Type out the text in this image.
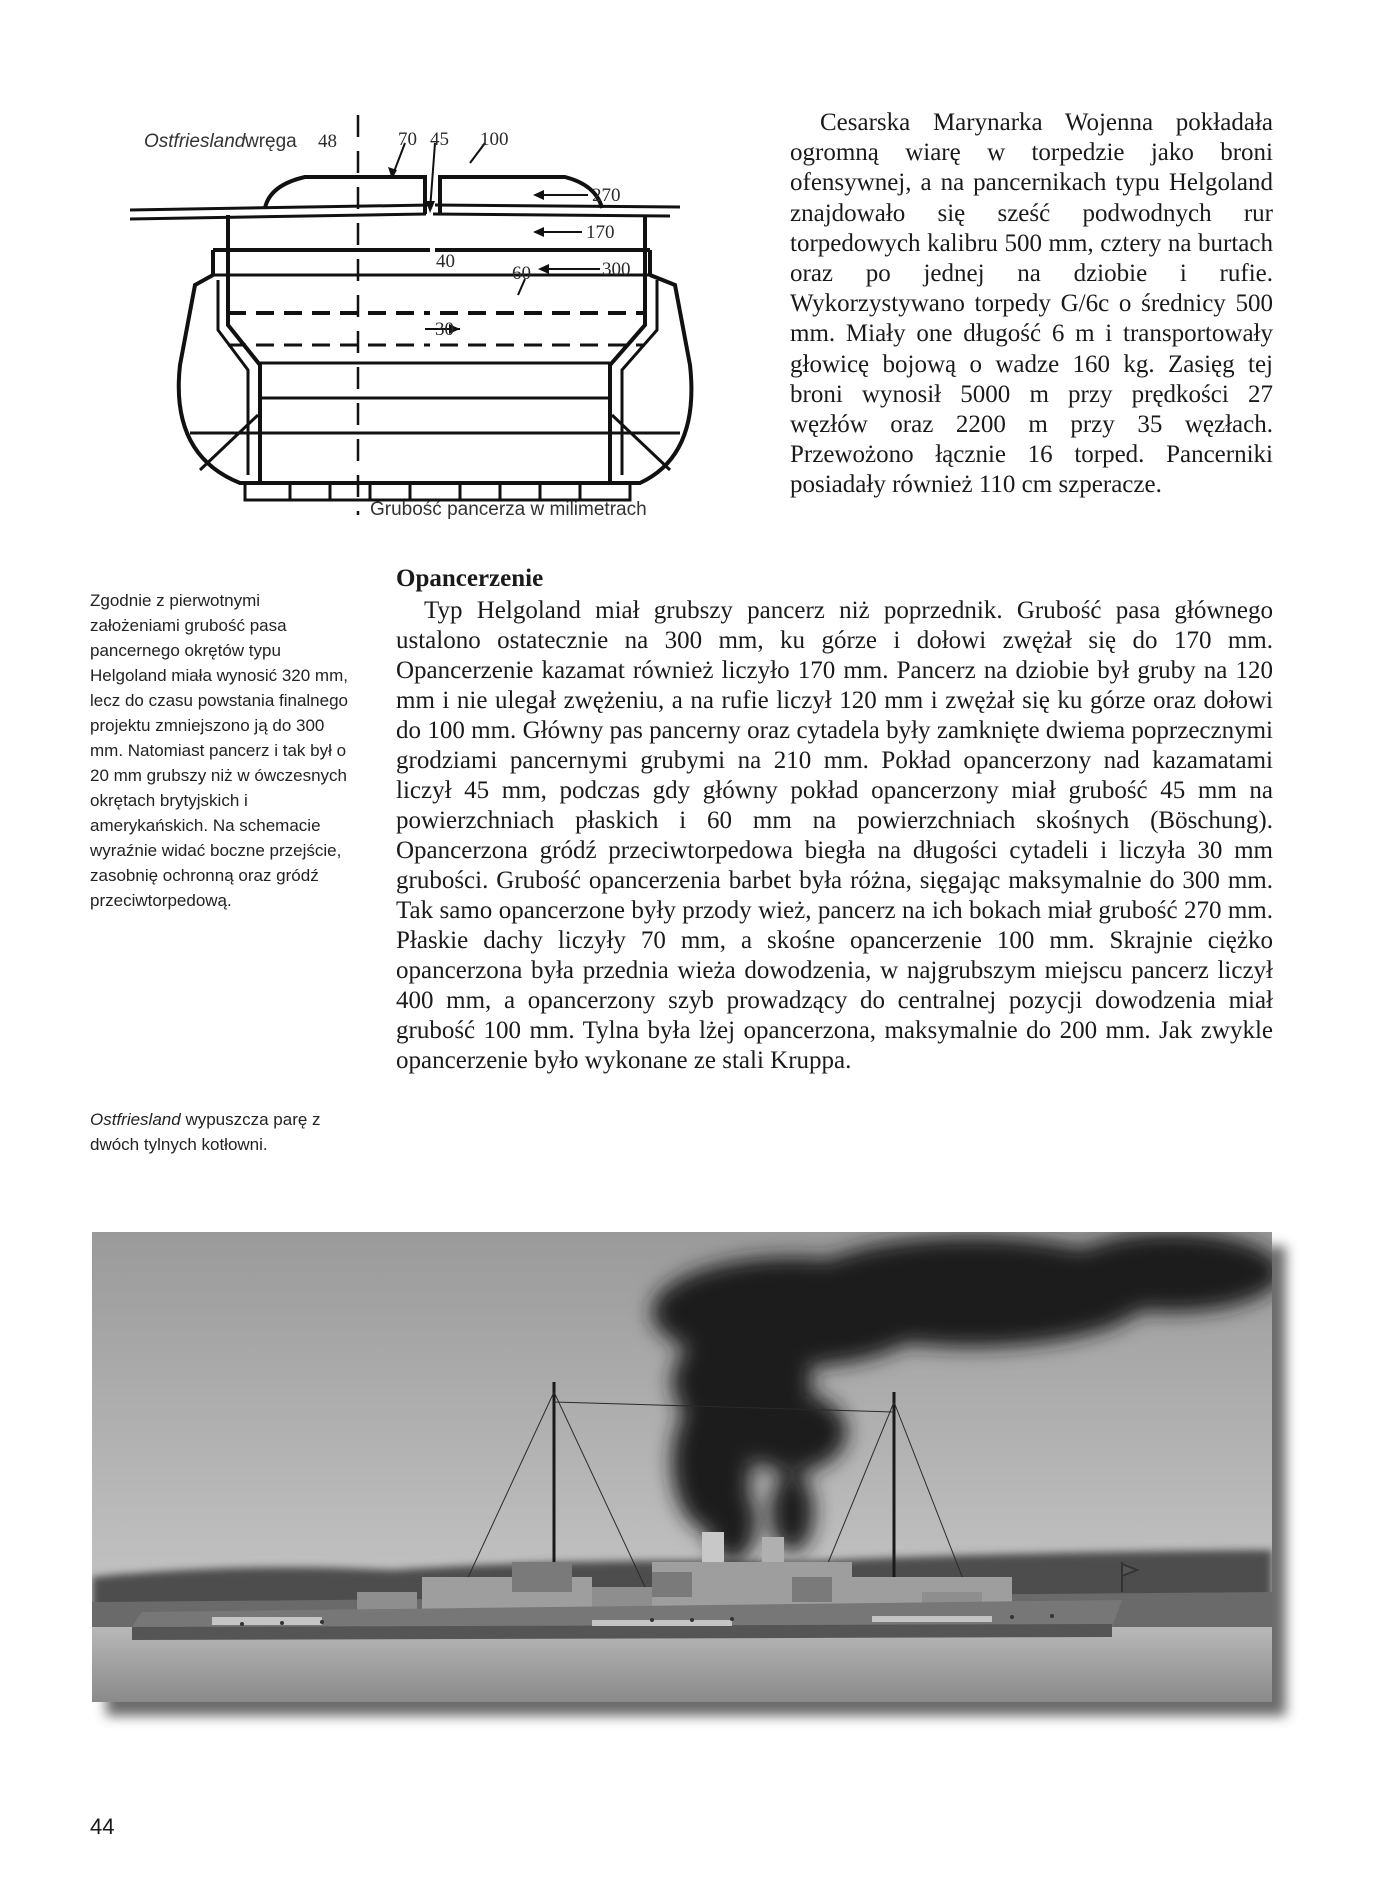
Ostfriesland wręga 48	70 45 100
270
170
300
40
60
30
Grubość pancerza w milimetrach

Cesarska Marynarka Wojenna pokładała ogromną wiarę w torpedzie jako broni ofensywnej, a na pancernikach typu Helgoland znajdowało się sześć podwodnych rur torpedowych kalibru 500 mm, cztery na burtach oraz po jednej na dziobie i rufie. Wykorzystywano torpedy G/6c o średnicy 500 mm. Miały one długość 6 m i transportowały głowicę bojową o wadze 160 kg. Zasięg tej broni wynosił 5000 m przy prędkości 27 węzłów oraz 2200 m przy 35 węzłach. Przewożono łącznie 16 torped. Pancerniki posiadały również 110 cm szperacze.

Opancerzenie

Typ Helgoland miał grubszy pancerz niż poprzednik. Grubość pasa głównego ustalono ostatecznie na 300 mm, ku górze i dołowi zwężał się do 170 mm. Opancerzenie kazamat również liczyło 170 mm. Pancerz na dziobie był gruby na 120 mm i nie ulegał zwężeniu, a na rufie liczył 120 mm i zwężał się ku górze oraz dołowi do 100 mm. Główny pas pancerny oraz cytadela były zamknięte dwiema poprzecznymi grodziami pancernymi grubymi na 210 mm. Pokład opancerzony nad kazamatami liczył 45 mm, podczas gdy główny pokład opancerzony miał grubość 45 mm na powierzchniach płaskich i 60 mm na powierzchniach skośnych (Böschung). Opancerzona gródź przeciwtorpedowa biegła na długości cytadeli i liczyła 30 mm grubości. Grubość opancerzenia barbet była różna, sięgając maksymalnie do 300 mm. Tak samo opancerzone były przody wież, pancerz na ich bokach miał grubość 270 mm. Płaskie dachy liczyły 70 mm, a skośne opancerzenie 100 mm. Skrajnie ciężko opancerzona była przednia wieża dowodzenia, w najgrubszym miejscu pancerz liczył 400 mm, a opancerzony szyb prowadzący do centralnej pozycji dowodzenia miał grubość 100 mm. Tylna była lżej opancerzona, maksymalnie do 200 mm. Jak zwykle opancerzenie było wykonane ze stali Kruppa.

Zgodnie z pierwotnymi założeniami grubość pasa pancernego okrętów typu Helgoland miała wynosić 320 mm, lecz do czasu powstania finalnego projektu zmniejszono ją do 300 mm. Natomiast pancerz i tak był o 20 mm grubszy niż w ówczesnych okrętach brytyjskich i amerykańskich. Na schemacie wyraźnie widać boczne przejście, zasobnię ochronną oraz gródź przeciwtorpedową.

Ostfriesland wypuszcza parę z dwóch tylnych kotłowni.

44
